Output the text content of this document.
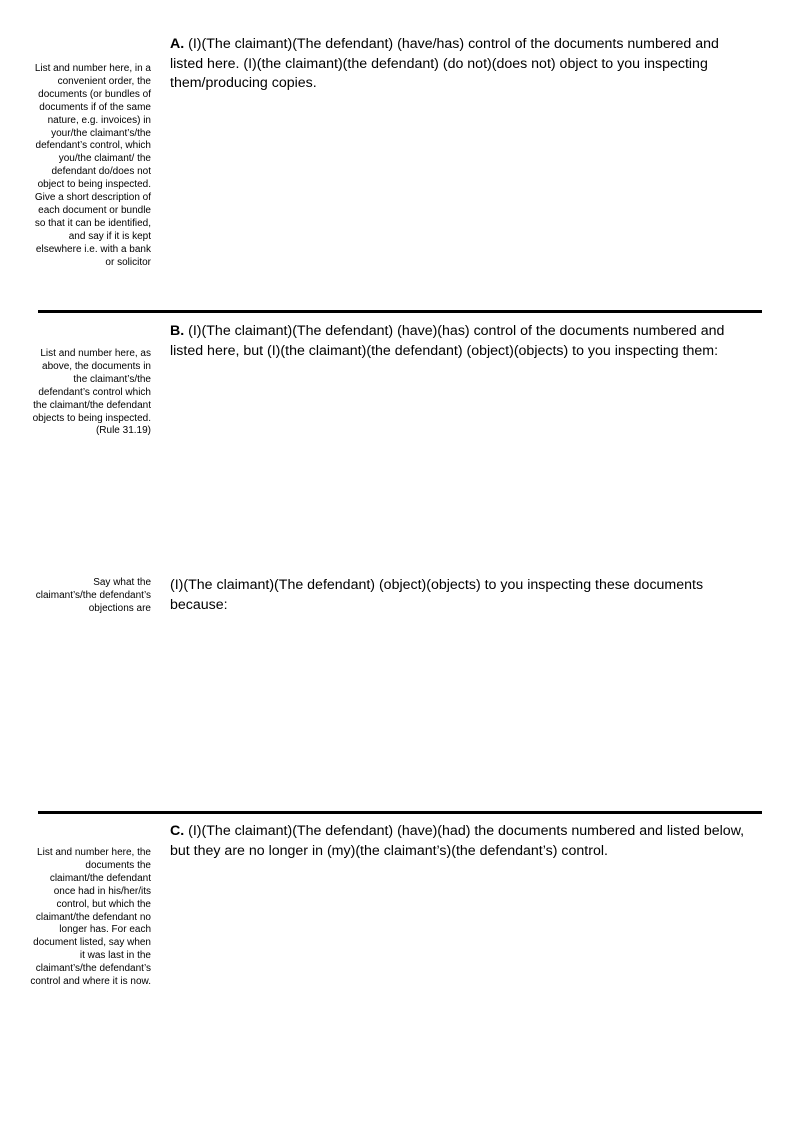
A. (I)(The claimant)(The defendant) (have/has) control of the documents numbered and listed here. (I)(the claimant)(the defendant) (do not)(does not) object to you inspecting them/producing copies.

List and number here, in a convenient order, the documents (or bundles of documents if of the same nature, e.g. invoices) in your/the claimant’s/the defendant’s control, which you/the claimant/ the defendant do/does not object to being inspected. Give a short description of each document or bundle so that it can be identified, and say if it is kept elsewhere i.e. with a bank or solicitor

B. (I)(The claimant)(The defendant) (have)(has) control of the documents numbered and listed here, but (I)(the claimant)(the defendant) (object)(objects) to you inspecting them:

List and number here, as above, the documents in the claimant’s/the defendant’s control which the claimant/the defendant objects to being inspected. (Rule 31.19)

(I)(The claimant)(The defendant) (object)(objects) to you inspecting these documents because:

Say what the claimant’s/the defendant’s objections are

C. (I)(The claimant)(The defendant) (have)(had) the documents numbered and listed below, but they are no longer in (my)(the claimant’s)(the defendant’s) control.

List and number here, the documents the claimant/the defendant once had in his/her/its control, but which the claimant/the defendant no longer has. For each document listed, say when it was last in the claimant’s/the defendant’s control and where it is now.
